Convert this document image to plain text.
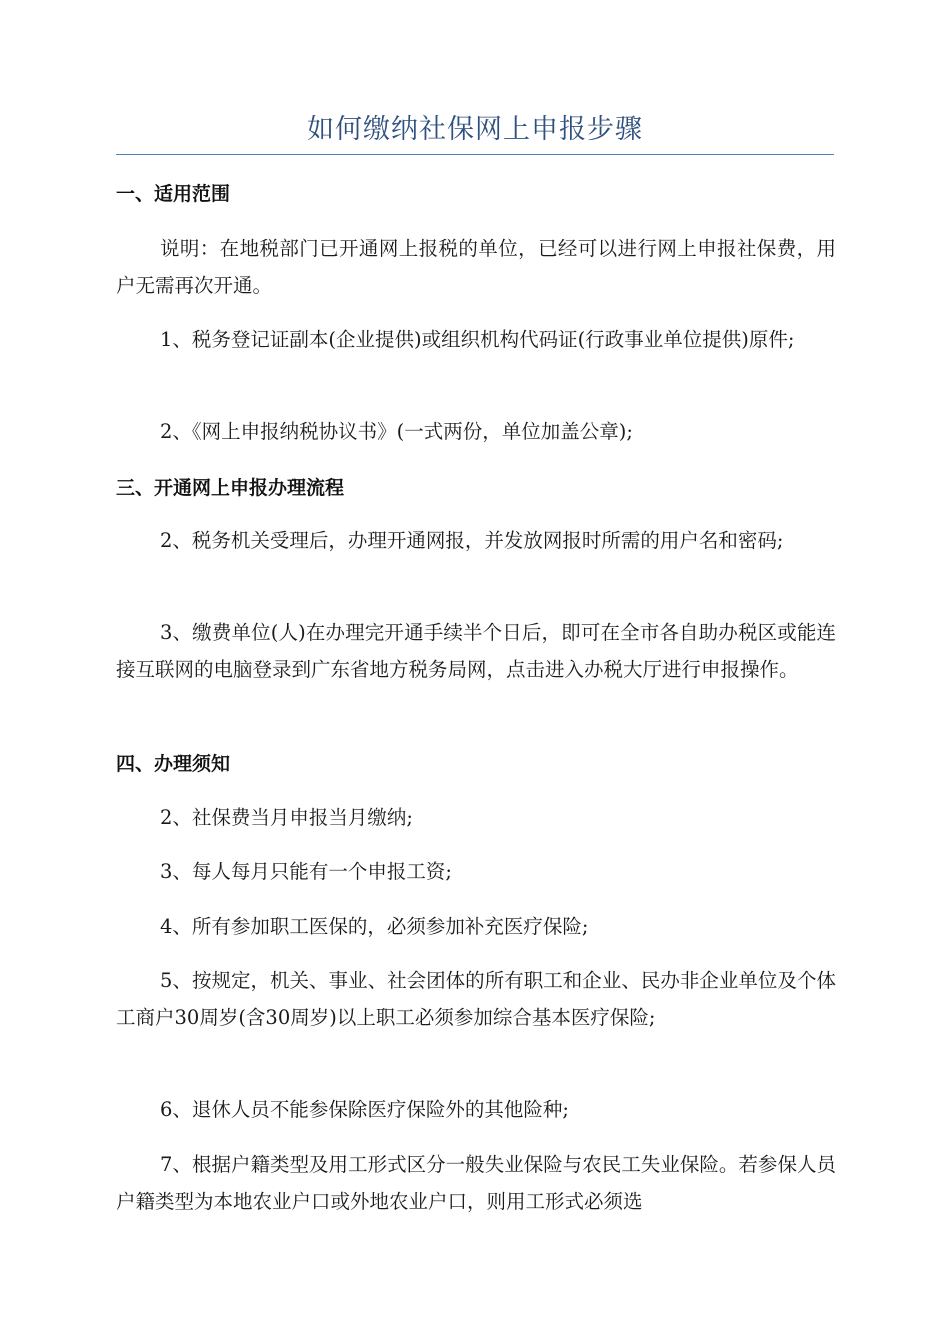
如何缴纳社保网上申报步骤
一、适用范围
说明：在地税部门已开通网上报税的单位，已经可以进行网上申报社保费，用户无需再次开通。
1、税务登记证副本(企业提供)或组织机构代码证(行政事业单位提供)原件;
2、《网上申报纳税协议书》(一式两份，单位加盖公章);
三、开通网上申报办理流程
2、税务机关受理后，办理开通网报，并发放网报时所需的用户名和密码;
3、缴费单位(人)在办理完开通手续半个日后，即可在全市各自助办税区或能连接互联网的电脑登录到广东省地方税务局网，点击进入办税大厅进行申报操作。
四、办理须知
2、社保费当月申报当月缴纳;
3、每人每月只能有一个申报工资;
4、所有参加职工医保的，必须参加补充医疗保险;
5、按规定，机关、事业、社会团体的所有职工和企业、民办非企业单位及个体工商户30周岁(含30周岁)以上职工必须参加综合基本医疗保险;
6、退休人员不能参保除医疗保险外的其他险种;
7、根据户籍类型及用工形式区分一般失业保险与农民工失业保险。若参保人员户籍类型为本地农业户口或外地农业户口，则用工形式必须选
